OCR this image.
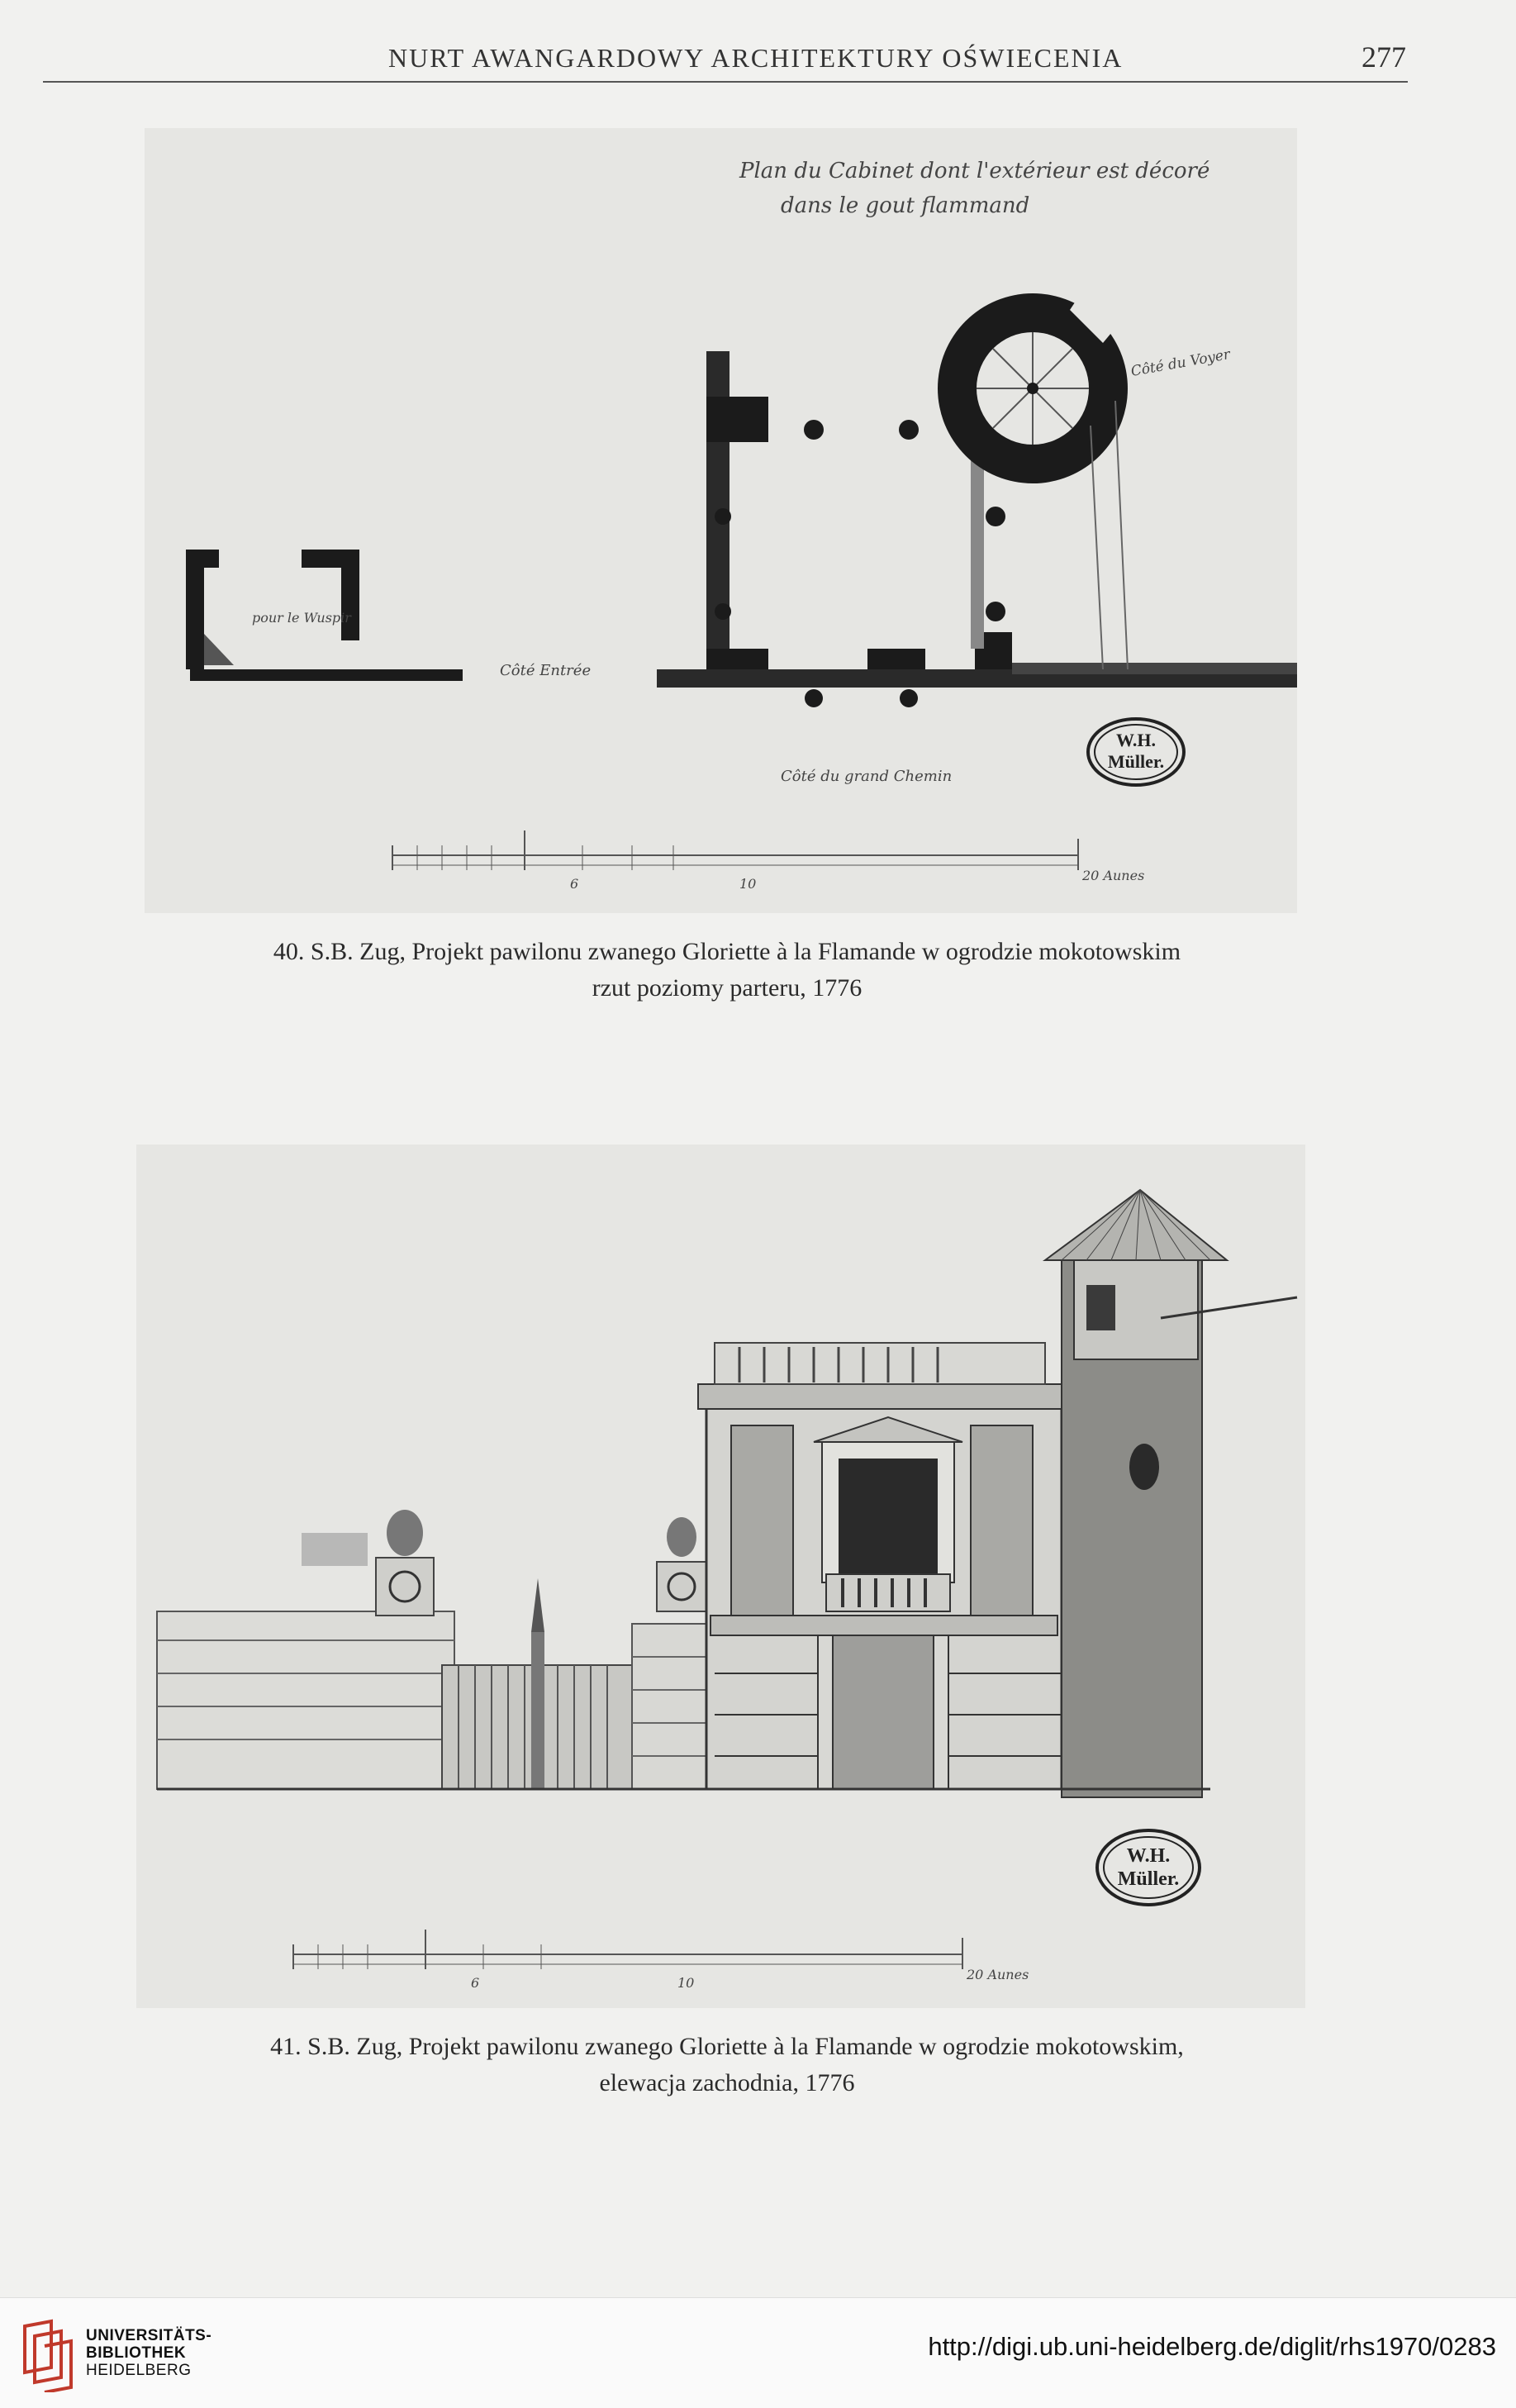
NURT AWANGARDOWY ARCHITEKTURY OŚWIECENIA	277
Plan du Cabinet dont l'extérieur est décoré
dans le gout flammand
pour le Wuspir
Côté Entrée
Côté du Voyer
Côté du grand Chemin
6	10
20 Aunes
W.H.
Müller.
40. S.B. Zug, Projekt pawilonu zwanego Gloriette à la Flamande w ogrodzie mokotowskim
rzut poziomy parteru, 1776
6	10
20 Aunes
W.H.
Müller.
41. S.B. Zug, Projekt pawilonu zwanego Gloriette à la Flamande w ogrodzie mokotowskim,
elewacja zachodnia, 1776
UNIVERSITÄTS-
BIBLIOTHEK
HEIDELBERG
http://digi.ub.uni-heidelberg.de/diglit/rhs1970/0283
